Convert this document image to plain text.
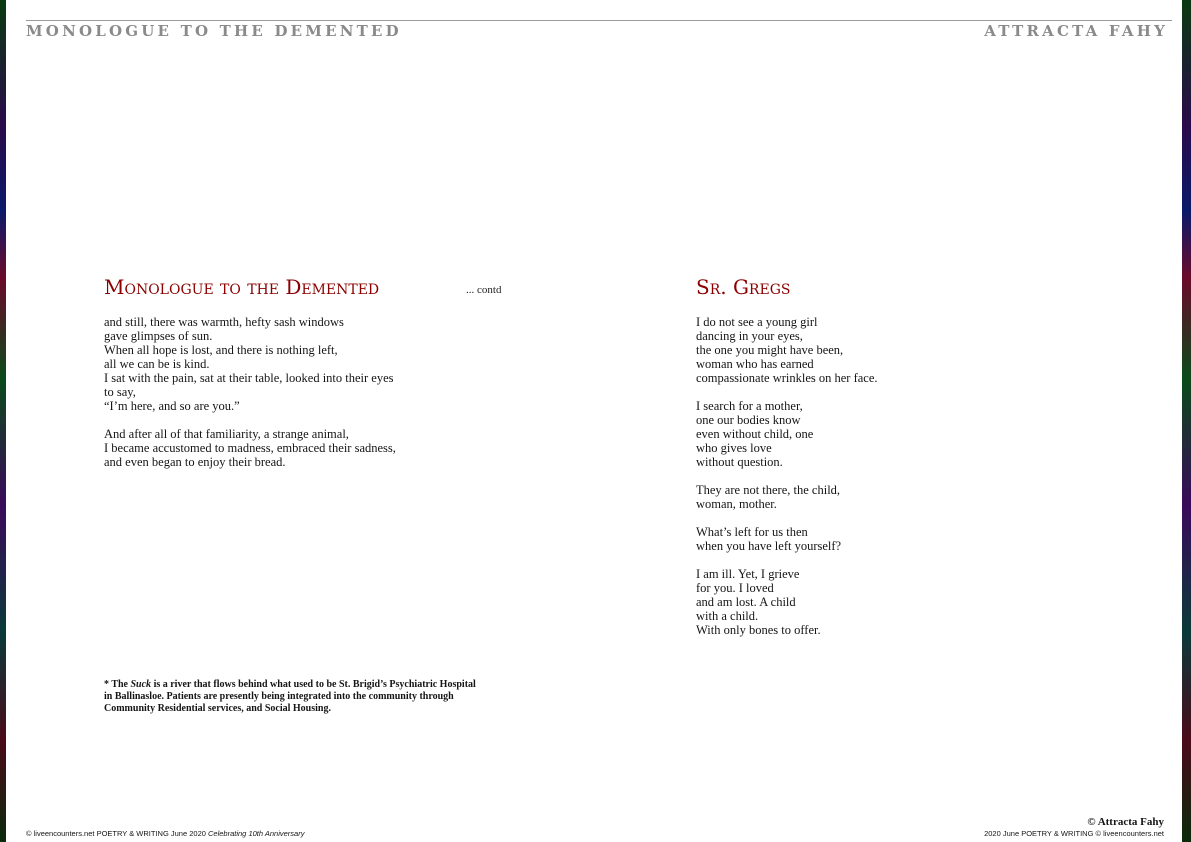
MONOLOGUE TO THE DEMENTED	ATTRACTA FAHY
Monologue to the Demented	... contd
and still, there was warmth, hefty sash windows
gave glimpses of sun.
When all hope is lost, and there is nothing left,
all we can be is kind.
I sat with the pain, sat at their table, looked into their eyes
to say,
“I’m here, and so are you.”
And after all of that familiarity, a strange animal,
I became accustomed to madness, embraced their sadness,
and even began to enjoy their bread.
* The Suck is a river that flows behind what used to be St. Brigid’s Psychiatric Hospital in Ballinasloe. Patients are presently being integrated into the community through Community Residential services, and Social Housing.
Sr. Gregs
I do not see a young girl
dancing in your eyes,
the one you might have been,
woman who has earned
compassionate wrinkles on her face.
I search for a mother,
one our bodies know
even without child, one
who gives love
without question.
They are not there, the child,
woman, mother.
What’s left for us then
when you have left yourself?
I am ill. Yet, I grieve
for you. I loved
and am lost. A child
with a child.
With only bones to offer.
© Attracta Fahy
© liveencounters.net POETRY & WRITING June 2020 Celebrating 10th Anniversary	2020 June POETRY & WRITING © liveencounters.net
